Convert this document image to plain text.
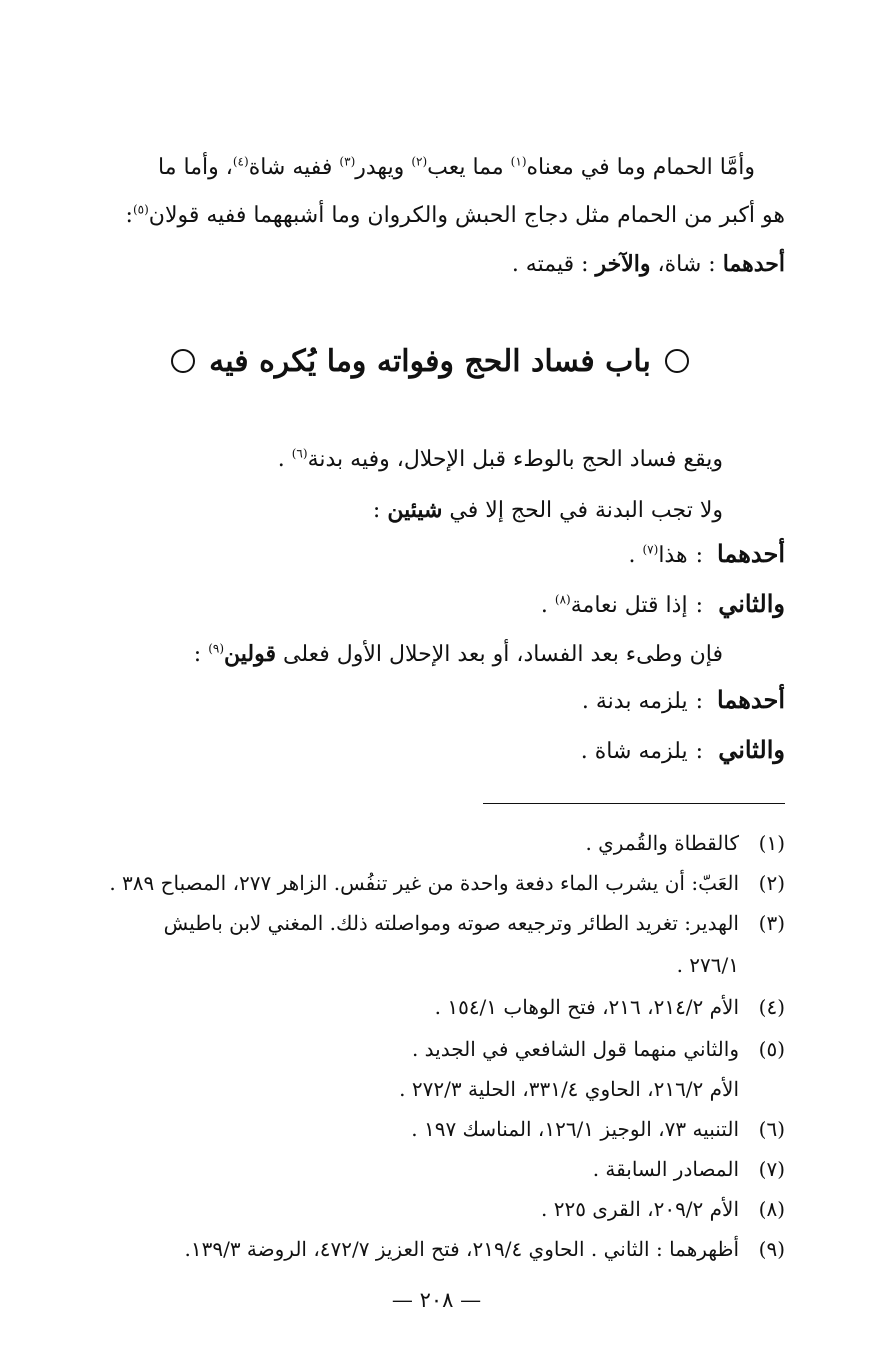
وأمَّا الحمام وما في معناه$^{(١)}$ مما يعب$^{(٢)}$ ويهدر$^{(٣)}$ ففيه شاة$^{(٤)}$، وأما ما
هو أكبر من الحمام مثل دجاج الحبش والكروان وما أشبههما ففيه قولان$^{(٥)}$:
أحدهما : شاة، والآخر : قيمته .
باب فساد الحج وفواته وما يُكره فيه
ويقع فساد الحج بالوطء قبل الإحلال، وفيه بدنة$^{(٦)}$ .
ولا تجب البدنة في الحج إلا في شيئين :
أحدهما:هذا$^{(٧)}$ .
والثاني:إذا قتل نعامة$^{(٨)}$ .
فإن وطىء بعد الفساد، أو بعد الإحلال الأول فعلى قولين$^{(٩)}$ :
أحدهما:يلزمه بدنة .
والثاني:يلزمه شاة .
(١)كالقطاة والقُمري .
(٢)العَبّ: أن يشرب الماء دفعة واحدة من غير تنفُس. الزاهر ٢٧٧، المصباح ٣٨٩ .
(٣)الهدير: تغريد الطائر وترجيعه صوته ومواصلته ذلك. المغني لابن باطيش
٢٧٦/١ .
(٤)الأم ٢١٤/٢، ٢١٦، فتح الوهاب ١٥٤/١ .
(٥)والثاني منهما قول الشافعي في الجديد .
الأم ٢١٦/٢، الحاوي ٣٣١/٤، الحلية ٢٧٢/٣ .
(٦)التنبيه ٧٣، الوجيز ١٢٦/١، المناسك ١٩٧ .
(٧)المصادر السابقة .
(٨)الأم ٢٠٩/٢، القرى ٢٢٥ .
(٩)أظهرهما : الثاني . الحاوي ٢١٩/٤، فتح العزيز ٤٧٢/٧، الروضة ١٣٩/٣.
— ٢٠٨ —
